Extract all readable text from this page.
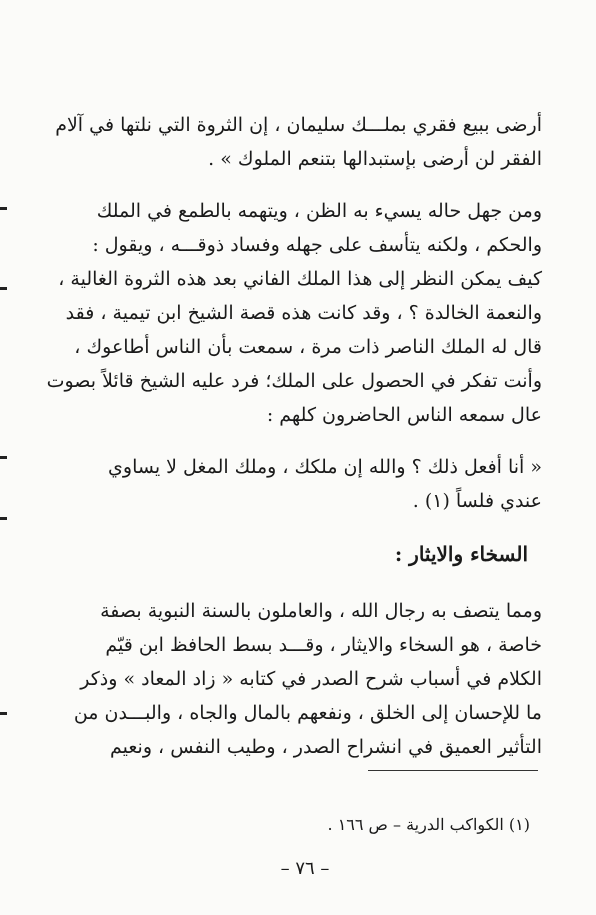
أرضى ببيع فقري بملـــك سليمان ، إن الثروة التي نلتها في آلام
الفقر لن أرضى بإستبدالها بتنعم الملوك » .
ومن جهل حاله يسيء به الظن ، ويتهمه بالطمع في الملك
والحكم ، ولكنه يتأسف على جهله وفساد ذوقـــه ، ويقول :
كيف يمكن النظر إلى هذا الملك الفاني بعد هذه الثروة الغالية ،
والنعمة الخالدة ؟ ، وقد كانت هذه قصة الشيخ ابن تيمية ، فقد
قال له الملك الناصر ذات مرة ، سمعت بأن الناس أطاعوك ،
وأنت تفكر في الحصول على الملك؛ فرد عليه الشيخ قائلاً بصوت
عال سمعه الناس الحاضرون كلهم :
« أنا أفعل ذلك ؟ والله إن ملكك ، وملك المغل لا يساوي
عندي فلساً (١) .
السخاء والايثار :
ومما يتصف به رجال الله ، والعاملون بالسنة النبوية بصفة
خاصة ، هو السخاء والايثار ، وقـــد بسط الحافظ ابن قيّم
الكلام في أسباب شرح الصدر في كتابه « زاد المعاد » وذكر
ما للإحسان إلى الخلق ، ونفعهم بالمال والجاه ، والبـــدن من
التأثير العميق في انشراح الصدر ، وطيب النفس ، ونعيم
(١) الكواكب الدرية – ص ١٦٦ .
– ٧٦ –
